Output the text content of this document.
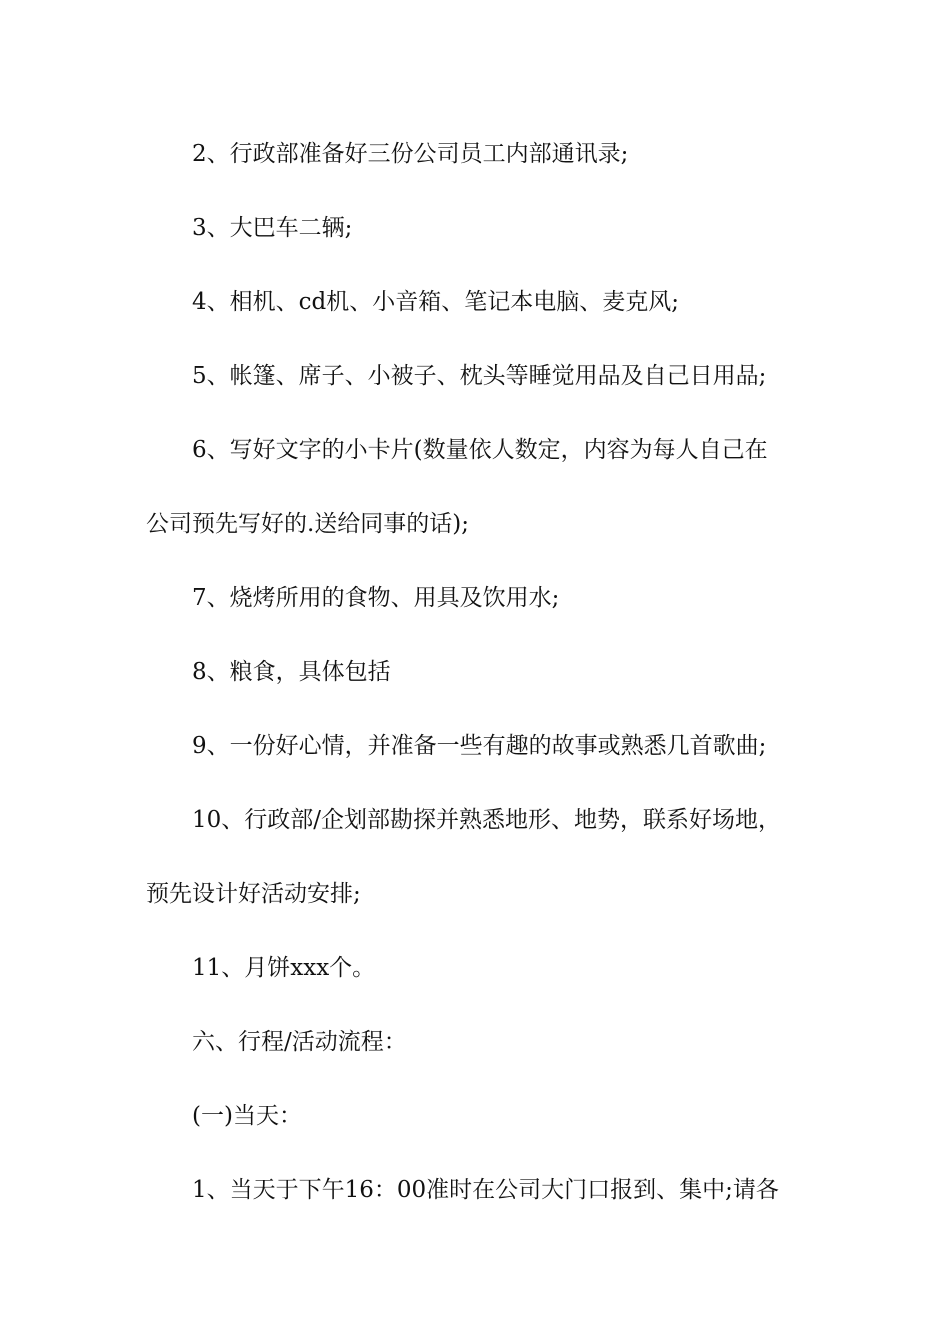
2、行政部准备好三份公司员工内部通讯录;
3、大巴车二辆;
4、相机、cd机、小音箱、笔记本电脑、麦克风;
5、帐篷、席子、小被子、枕头等睡觉用品及自己日用品;
6、写好文字的小卡片(数量依人数定，内容为每人自己在
公司预先写好的.送给同事的话);
7、烧烤所用的食物、用具及饮用水;
8、粮食，具体包括
9、一份好心情，并准备一些有趣的故事或熟悉几首歌曲;
10、行政部/企划部勘探并熟悉地形、地势，联系好场地，
预先设计好活动安排;
11、月饼xxx个。
六、行程/活动流程：
(一)当天：
1、当天于下午16：00准时在公司大门口报到、集中;请各
